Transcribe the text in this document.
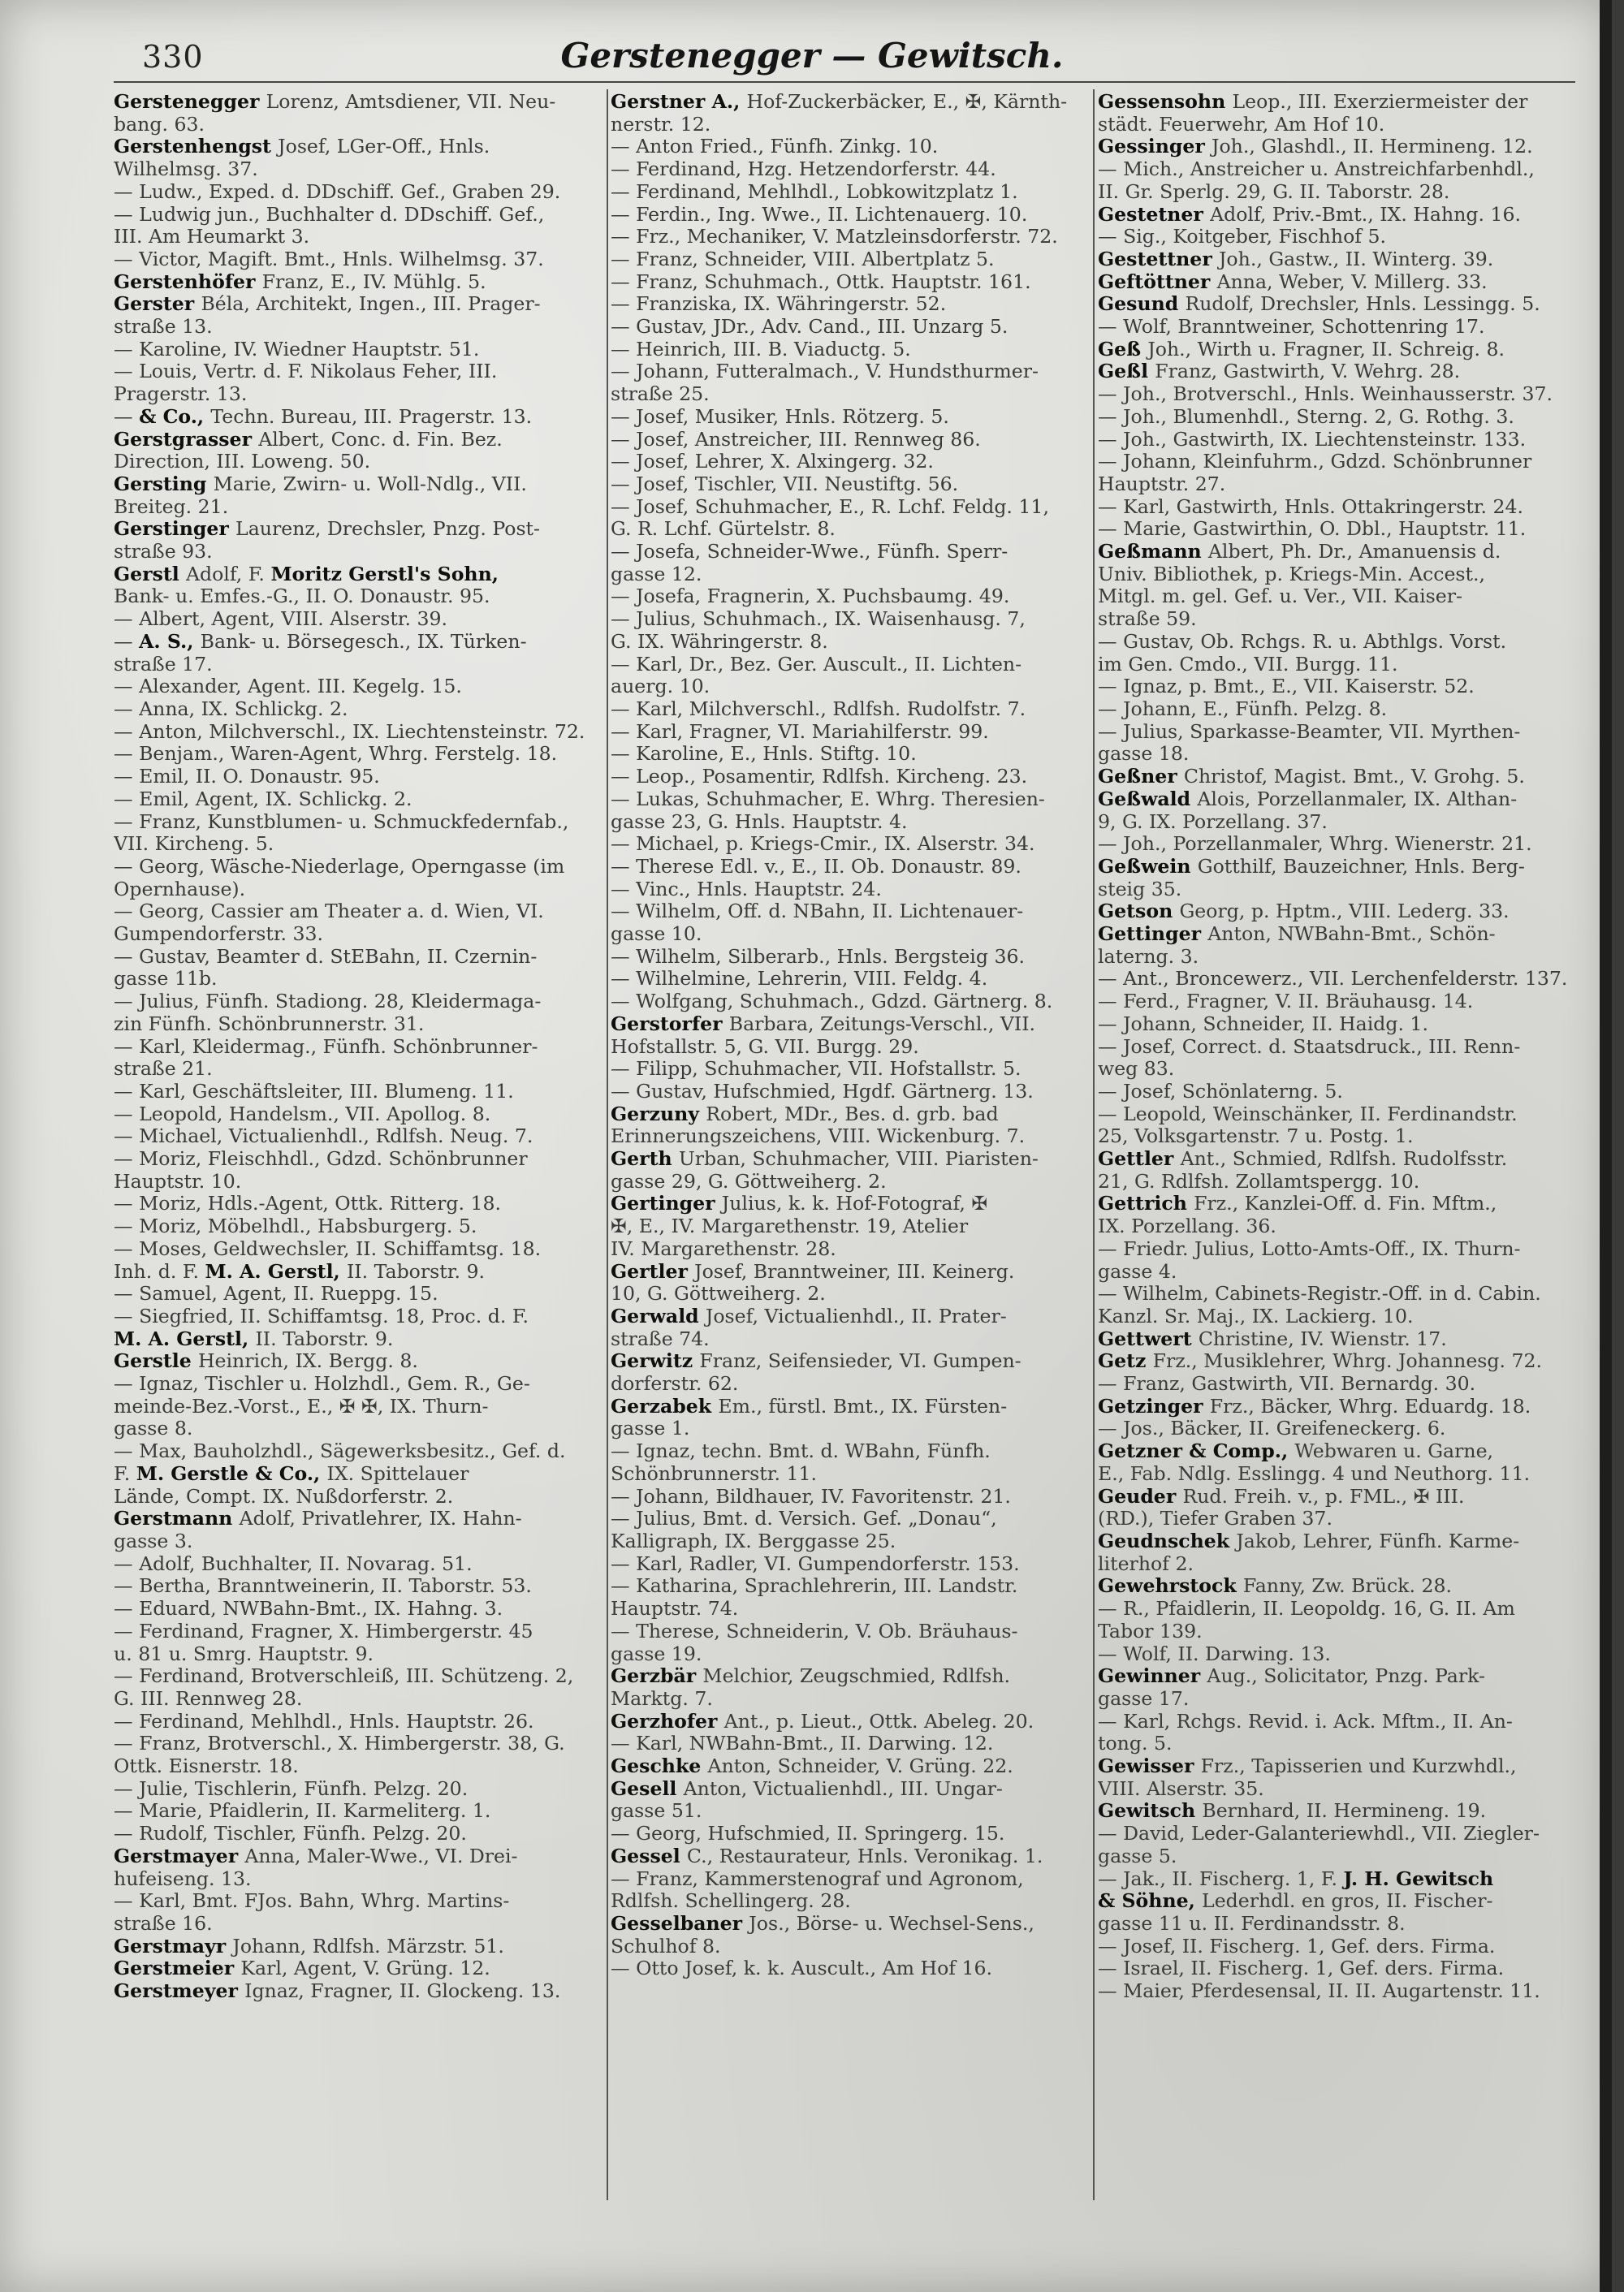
330	Gerstenegger — Gewitsch.
Gerstenegger Lorenz, Amtsdiener, VII. Neu-
bang. 63.
Gerstenhengst Josef, LGer-Off., Hnls.
Wilhelmsg. 37.
— Ludw., Exped. d. DDschiff. Gef., Graben 29.
— Ludwig jun., Buchhalter d. DDschiff. Gef.,
III. Am Heumarkt 3.
— Victor, Magift. Bmt., Hnls. Wilhelmsg. 37.
Gerstenhöfer Franz, E., IV. Mühlg. 5.
Gerster Béla, Architekt, Ingen., III. Prager-
straße 13.
— Karoline, IV. Wiedner Hauptstr. 51.
— Louis, Vertr. d. F. Nikolaus Feher, III.
Pragerstr. 13.
— & Co., Techn. Bureau, III. Pragerstr. 13.
Gerstgrasser Albert, Conc. d. Fin. Bez.
Direction, III. Loweng. 50.
Gersting Marie, Zwirn- u. Woll-Ndlg., VII.
Breiteg. 21.
Gerstinger Laurenz, Drechsler, Pnzg. Post-
straße 93.
Gerstl Adolf, F. Moritz Gerstl's Sohn,
Bank- u. Emfes.-G., II. O. Donaustr. 95.
— Albert, Agent, VIII. Alserstr. 39.
— A. S., Bank- u. Börsegesch., IX. Türken-
straße 17.
— Alexander, Agent. III. Kegelg. 15.
— Anna, IX. Schlickg. 2.
— Anton, Milchverschl., IX. Liechtensteinstr. 72.
— Benjam., Waren-Agent, Whrg. Ferstelg. 18.
— Emil, II. O. Donaustr. 95.
— Emil, Agent, IX. Schlickg. 2.
— Franz, Kunstblumen- u. Schmuckfedernfab.,
VII. Kircheng. 5.
— Georg, Wäsche-Niederlage, Operngasse (im
Opernhause).
— Georg, Cassier am Theater a. d. Wien, VI.
Gumpendorferstr. 33.
— Gustav, Beamter d. StEBahn, II. Czernin-
gasse 11b.
— Julius, Fünfh. Stadiong. 28, Kleidermaga-
zin Fünfh. Schönbrunnerstr. 31.
— Karl, Kleidermag., Fünfh. Schönbrunner-
straße 21.
— Karl, Geschäftsleiter, III. Blumeng. 11.
— Leopold, Handelsm., VII. Apollog. 8.
— Michael, Victualienhdl., Rdlfsh. Neug. 7.
— Moriz, Fleischhdl., Gdzd. Schönbrunner
Hauptstr. 10.
— Moriz, Hdls.-Agent, Ottk. Ritterg. 18.
— Moriz, Möbelhdl., Habsburgerg. 5.
— Moses, Geldwechsler, II. Schiffamtsg. 18.
Inh. d. F. M. A. Gerstl, II. Taborstr. 9.
— Samuel, Agent, II. Rueppg. 15.
— Siegfried, II. Schiffamtsg. 18, Proc. d. F.
M. A. Gerstl, II. Taborstr. 9.
Gerstle Heinrich, IX. Bergg. 8.
— Ignaz, Tischler u. Holzhdl., Gem. R., Ge-
meinde-Bez.-Vorst., E., ✠ ✠, IX. Thurn-
gasse 8.
— Max, Bauholzhdl., Sägewerksbesitz., Gef. d.
F. M. Gerstle & Co., IX. Spittelauer
Lände, Compt. IX. Nußdorferstr. 2.
Gerstmann Adolf, Privatlehrer, IX. Hahn-
gasse 3.
— Adolf, Buchhalter, II. Novarag. 51.
— Bertha, Branntweinerin, II. Taborstr. 53.
— Eduard, NWBahn-Bmt., IX. Hahng. 3.
— Ferdinand, Fragner, X. Himbergerstr. 45
u. 81 u. Smrg. Hauptstr. 9.
— Ferdinand, Brotverschleiß, III. Schützeng. 2,
G. III. Rennweg 28.
— Ferdinand, Mehlhdl., Hnls. Hauptstr. 26.
— Franz, Brotverschl., X. Himbergerstr. 38, G.
Ottk. Eisnerstr. 18.
— Julie, Tischlerin, Fünfh. Pelzg. 20.
— Marie, Pfaidlerin, II. Karmeliterg. 1.
— Rudolf, Tischler, Fünfh. Pelzg. 20.
Gerstmayer Anna, Maler-Wwe., VI. Drei-
hufeiseng. 13.
— Karl, Bmt. FJos. Bahn, Whrg. Martins-
straße 16.
Gerstmayr Johann, Rdlfsh. Märzstr. 51.
Gerstmeier Karl, Agent, V. Grüng. 12.
Gerstmeyer Ignaz, Fragner, II. Glockeng. 13.
Gerstner A., Hof-Zuckerbäcker, E., ✠, Kärnth-
nerstr. 12.
— Anton Fried., Fünfh. Zinkg. 10.
— Ferdinand, Hzg. Hetzendorferstr. 44.
— Ferdinand, Mehlhdl., Lobkowitzplatz 1.
— Ferdin., Ing. Wwe., II. Lichtenauerg. 10.
— Frz., Mechaniker, V. Matzleinsdorferstr. 72.
— Franz, Schneider, VIII. Albertplatz 5.
— Franz, Schuhmach., Ottk. Hauptstr. 161.
— Franziska, IX. Währingerstr. 52.
— Gustav, JDr., Adv. Cand., III. Unzarg 5.
— Heinrich, III. B. Viaductg. 5.
— Johann, Futteralmach., V. Hundsthurmer-
straße 25.
— Josef, Musiker, Hnls. Rötzerg. 5.
— Josef, Anstreicher, III. Rennweg 86.
— Josef, Lehrer, X. Alxingerg. 32.
— Josef, Tischler, VII. Neustiftg. 56.
— Josef, Schuhmacher, E., R. Lchf. Feldg. 11,
G. R. Lchf. Gürtelstr. 8.
— Josefa, Schneider-Wwe., Fünfh. Sperr-
gasse 12.
— Josefa, Fragnerin, X. Puchsbaumg. 49.
— Julius, Schuhmach., IX. Waisenhausg. 7,
G. IX. Währingerstr. 8.
— Karl, Dr., Bez. Ger. Auscult., II. Lichten-
auerg. 10.
— Karl, Milchverschl., Rdlfsh. Rudolfstr. 7.
— Karl, Fragner, VI. Mariahilferstr. 99.
— Karoline, E., Hnls. Stiftg. 10.
— Leop., Posamentir, Rdlfsh. Kircheng. 23.
— Lukas, Schuhmacher, E. Whrg. Theresien-
gasse 23, G. Hnls. Hauptstr. 4.
— Michael, p. Kriegs-Cmir., IX. Alserstr. 34.
— Therese Edl. v., E., II. Ob. Donaustr. 89.
— Vinc., Hnls. Hauptstr. 24.
— Wilhelm, Off. d. NBahn, II. Lichtenauer-
gasse 10.
— Wilhelm, Silberarb., Hnls. Bergsteig 36.
— Wilhelmine, Lehrerin, VIII. Feldg. 4.
— Wolfgang, Schuhmach., Gdzd. Gärtnerg. 8.
Gerstorfer Barbara, Zeitungs-Verschl., VII.
Hofstallstr. 5, G. VII. Burgg. 29.
— Filipp, Schuhmacher, VII. Hofstallstr. 5.
— Gustav, Hufschmied, Hgdf. Gärtnerg. 13.
Gerzuny Robert, MDr., Bes. d. grb. bad
Erinnerungszeichens, VIII. Wickenburg. 7.
Gerth Urban, Schuhmacher, VIII. Piaristen-
gasse 29, G. Göttweiherg. 2.
Gertinger Julius, k. k. Hof-Fotograf, ✠
✠, E., IV. Margarethenstr. 19, Atelier
IV. Margarethenstr. 28.
Gertler Josef, Branntweiner, III. Keinerg.
10, G. Göttweiherg. 2.
Gerwald Josef, Victualienhdl., II. Prater-
straße 74.
Gerwitz Franz, Seifensieder, VI. Gumpen-
dorferstr. 62.
Gerzabek Em., fürstl. Bmt., IX. Fürsten-
gasse 1.
— Ignaz, techn. Bmt. d. WBahn, Fünfh.
Schönbrunnerstr. 11.
— Johann, Bildhauer, IV. Favoritenstr. 21.
— Julius, Bmt. d. Versich. Gef. „Donau“,
Kalligraph, IX. Berggasse 25.
— Karl, Radler, VI. Gumpendorferstr. 153.
— Katharina, Sprachlehrerin, III. Landstr.
Hauptstr. 74.
— Therese, Schneiderin, V. Ob. Bräuhaus-
gasse 19.
Gerzbär Melchior, Zeugschmied, Rdlfsh.
Marktg. 7.
Gerzhofer Ant., p. Lieut., Ottk. Abeleg. 20.
— Karl, NWBahn-Bmt., II. Darwing. 12.
Geschke Anton, Schneider, V. Grüng. 22.
Gesell Anton, Victualienhdl., III. Ungar-
gasse 51.
— Georg, Hufschmied, II. Springerg. 15.
Gessel C., Restaurateur, Hnls. Veronikag. 1.
— Franz, Kammerstenograf und Agronom,
Rdlfsh. Schellingerg. 28.
Gesselbaner Jos., Börse- u. Wechsel-Sens.,
Schulhof 8.
— Otto Josef, k. k. Auscult., Am Hof 16.
Gessensohn Leop., III. Exerziermeister der
städt. Feuerwehr, Am Hof 10.
Gessinger Joh., Glashdl., II. Hermineng. 12.
— Mich., Anstreicher u. Anstreichfarbenhdl.,
II. Gr. Sperlg. 29, G. II. Taborstr. 28.
Gestetner Adolf, Priv.-Bmt., IX. Hahng. 16.
— Sig., Koitgeber, Fischhof 5.
Gestettner Joh., Gastw., II. Winterg. 39.
Geftöttner Anna, Weber, V. Millerg. 33.
Gesund Rudolf, Drechsler, Hnls. Lessingg. 5.
— Wolf, Branntweiner, Schottenring 17.
Geß Joh., Wirth u. Fragner, II. Schreig. 8.
Geßl Franz, Gastwirth, V. Wehrg. 28.
— Joh., Brotverschl., Hnls. Weinhausserstr. 37.
— Joh., Blumenhdl., Sterng. 2, G. Rothg. 3.
— Joh., Gastwirth, IX. Liechtensteinstr. 133.
— Johann, Kleinfuhrm., Gdzd. Schönbrunner
Hauptstr. 27.
— Karl, Gastwirth, Hnls. Ottakringerstr. 24.
— Marie, Gastwirthin, O. Dbl., Hauptstr. 11.
Geßmann Albert, Ph. Dr., Amanuensis d.
Univ. Bibliothek, p. Kriegs-Min. Accest.,
Mitgl. m. gel. Gef. u. Ver., VII. Kaiser-
straße 59.
— Gustav, Ob. Rchgs. R. u. Abthlgs. Vorst.
im Gen. Cmdo., VII. Burgg. 11.
— Ignaz, p. Bmt., E., VII. Kaiserstr. 52.
— Johann, E., Fünfh. Pelzg. 8.
— Julius, Sparkasse-Beamter, VII. Myrthen-
gasse 18.
Geßner Christof, Magist. Bmt., V. Grohg. 5.
Geßwald Alois, Porzellanmaler, IX. Althan-
9, G. IX. Porzellang. 37.
— Joh., Porzellanmaler, Whrg. Wienerstr. 21.
Geßwein Gotthilf, Bauzeichner, Hnls. Berg-
steig 35.
Getson Georg, p. Hptm., VIII. Lederg. 33.
Gettinger Anton, NWBahn-Bmt., Schön-
laterng. 3.
— Ant., Broncewerz., VII. Lerchenfelderstr. 137.
— Ferd., Fragner, V. II. Bräuhausg. 14.
— Johann, Schneider, II. Haidg. 1.
— Josef, Correct. d. Staatsdruck., III. Renn-
weg 83.
— Josef, Schönlaterng. 5.
— Leopold, Weinschänker, II. Ferdinandstr.
25, Volksgartenstr. 7 u. Postg. 1.
Gettler Ant., Schmied, Rdlfsh. Rudolfsstr.
21, G. Rdlfsh. Zollamtspergg. 10.
Gettrich Frz., Kanzlei-Off. d. Fin. Mftm.,
IX. Porzellang. 36.
— Friedr. Julius, Lotto-Amts-Off., IX. Thurn-
gasse 4.
— Wilhelm, Cabinets-Registr.-Off. in d. Cabin.
Kanzl. Sr. Maj., IX. Lackierg. 10.
Gettwert Christine, IV. Wienstr. 17.
Getz Frz., Musiklehrer, Whrg. Johannesg. 72.
— Franz, Gastwirth, VII. Bernardg. 30.
Getzinger Frz., Bäcker, Whrg. Eduardg. 18.
— Jos., Bäcker, II. Greifeneckerg. 6.
Getzner & Comp., Webwaren u. Garne,
E., Fab. Ndlg. Esslingg. 4 und Neuthorg. 11.
Geuder Rud. Freih. v., p. FML., ✠ III.
(RD.), Tiefer Graben 37.
Geudnschek Jakob, Lehrer, Fünfh. Karme-
literhof 2.
Gewehrstock Fanny, Zw. Brück. 28.
— R., Pfaidlerin, II. Leopoldg. 16, G. II. Am
Tabor 139.
— Wolf, II. Darwing. 13.
Gewinner Aug., Solicitator, Pnzg. Park-
gasse 17.
— Karl, Rchgs. Revid. i. Ack. Mftm., II. An-
tong. 5.
Gewisser Frz., Tapisserien und Kurzwhdl.,
VIII. Alserstr. 35.
Gewitsch Bernhard, II. Hermineng. 19.
— David, Leder-Galanteriewhdl., VII. Ziegler-
gasse 5.
— Jak., II. Fischerg. 1, F. J. H. Gewitsch
& Söhne, Lederhdl. en gros, II. Fischer-
gasse 11 u. II. Ferdinandsstr. 8.
— Josef, II. Fischerg. 1, Gef. ders. Firma.
— Israel, II. Fischerg. 1, Gef. ders. Firma.
— Maier, Pferdesensal, II. II. Augartenstr. 11.
